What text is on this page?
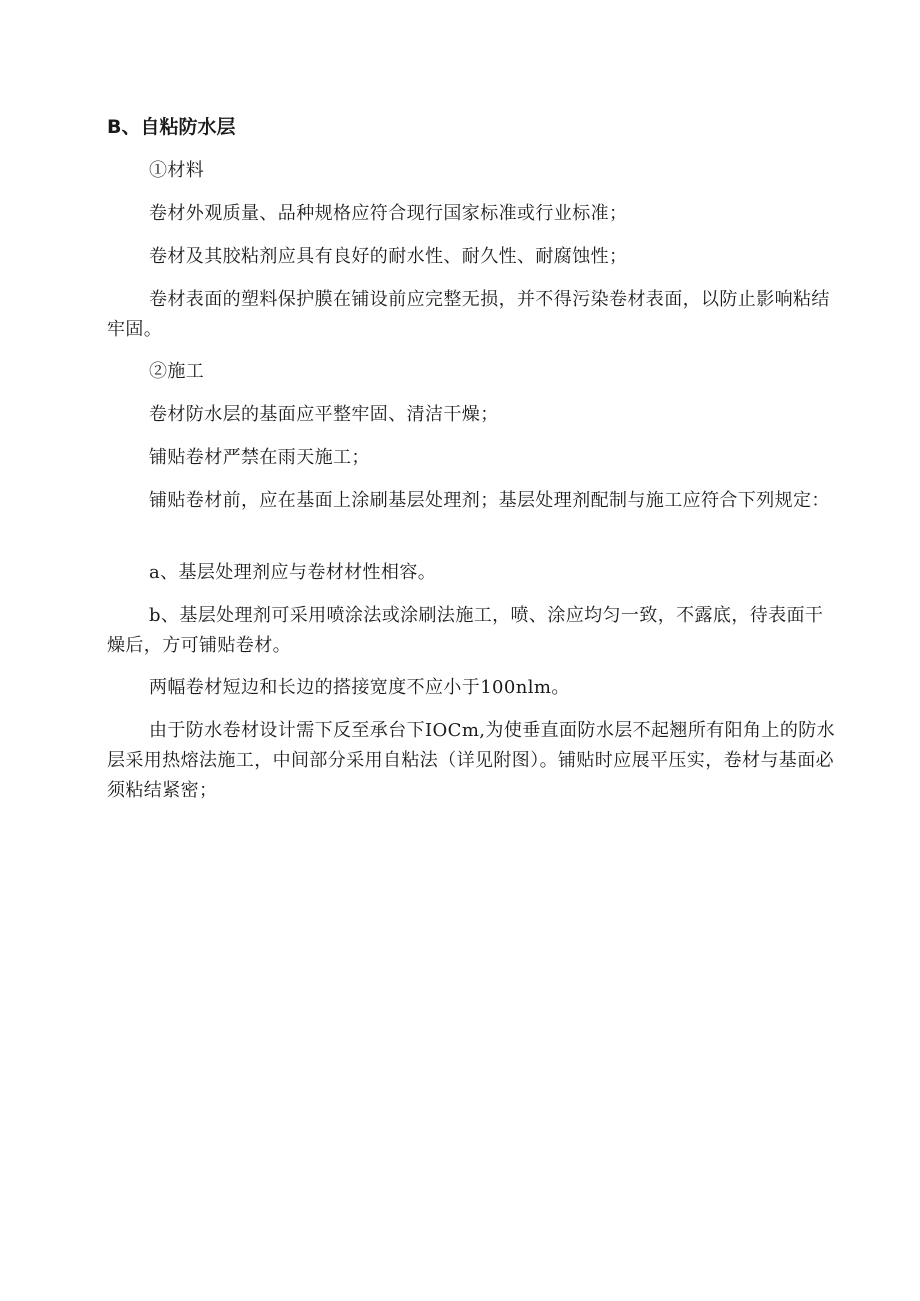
B、自粘防水层

①材料

卷材外观质量、品种规格应符合现行国家标准或行业标准；

卷材及其胶粘剂应具有良好的耐水性、耐久性、耐腐蚀性；

卷材表面的塑料保护膜在铺设前应完整无损，并不得污染卷材表面，以防止影响粘结牢固。

②施工

卷材防水层的基面应平整牢固、清洁干燥；

铺贴卷材严禁在雨天施工；

铺贴卷材前，应在基面上涂刷基层处理剂；基层处理剂配制与施工应符合下列规定：

a、基层处理剂应与卷材材性相容。

b、基层处理剂可采用喷涂法或涂刷法施工，喷、涂应均匀一致，不露底，待表面干燥后，方可铺贴卷材。

两幅卷材短边和长边的搭接宽度不应小于100nlm。

由于防水卷材设计需下反至承台下IOCm,为使垂直面防水层不起翘所有阳角上的防水层采用热熔法施工，中间部分采用自粘法（详见附图）。铺贴时应展平压实，卷材与基面必须粘结紧密；
